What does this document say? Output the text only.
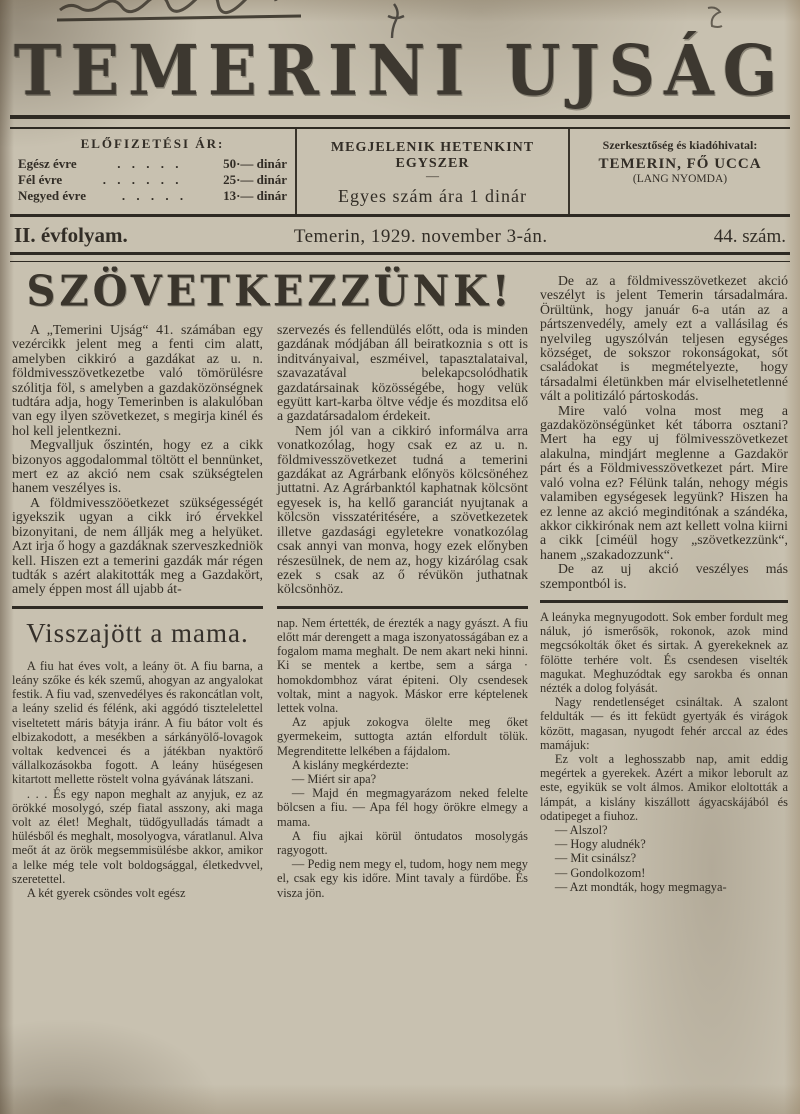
TEMERINI UJSÁG
ELŐFIZETÉSI ÁR:
Egész évre	. . . . .	50·— dinár
Fél évre	. . . . . .	25·— dinár
Negyed évre	. . . . .	13·— dinár
MEGJELENIK HETENKINT EGYSZER
—
Egyes szám ára 1 dinár
Szerkesztőség és kiadóhivatal:
TEMERIN, FŐ UCCA
(LANG NYOMDA)
II. évfolyam.	Temerin, 1929. november 3-án.	44. szám.
SZÖVETKEZZÜNK!

A „Temerini Ujság“ 41. számában egy vezércikk jelent meg a fenti cim alatt, amelyben cikkiró a gazdákat az u. n. földmivesszövetkezetbe való tömörülésre szólitja föl, s amelyben a gazdaközönségnek tudtára adja, hogy Temerinben is alakulóban van egy ilyen szövetkezet, s megirja kinél és hol kell jelentkezni.

Megvalljuk őszintén, hogy ez a cikk bizonyos aggodalommal töltött el bennünket, mert ez az akció nem csak szükségtelen hanem veszélyes is.

A földmivesszööetkezet szükségességét igyekszik ugyan a cikk iró érvekkel bizonyitani, de nem állják meg a helyüket. Azt irja ő hogy a gazdáknak szerveszkedniök kell. Hiszen ezt a temerini gazdák már régen tudták s azért alakitották meg a Gazdakört, amely éppen most áll ujabb át-

Visszajött a mama.

A fiu hat éves volt, a leány öt. A fiu barna, a leány szőke és kék szemű, ahogyan az angyalokat festik. A fiu vad, szenvedélyes és rakoncátlan volt, a leány szelid és félénk, aki aggódó tisztelelettel viseltetett máris bátyja iránr. A fiu bátor volt és elbizakodott, a mesékben a sárkányölő-lovagok voltak kedvencei és a játékban nyaktörő vállalkozásokba fogott. A leány hüségesen kitartott mellette röstelt volna gyávának látszani.

. . . És egy napon meghalt az anyjuk, ez az örökké mosolygó, szép fiatal asszony, aki maga volt az élet! Meghalt, tüdőgyulladás támadt a hülésből és meghalt, mosolyogva, váratlanul. Alva meőt át az örök megsemmisülésbe akkor, amikor a lelke még tele volt boldogsággal, életkedvvel, szeretettel.

A két gyerek csöndes volt egész

szervezés és fellendülés előtt, oda is minden gazdának módjában áll beiratkoznia s ott is inditványaival, eszméivel, tapasztalataival, szavazatával belekapcsolódhatik gazdatársainak közösségébe, hogy velük együtt kart-karba öltve védje és mozditsa elő a gazdatársadalom érdekeit.

Nem jól van a cikkiró informálva arra vonatkozólag, hogy csak ez az u. n. földmivesszövetkezet tudná a temerini gazdákat az Agrárbank előnyös kölcsönéhez juttatni. Az Agrárbanktól kaphatnak kölcsönt egyesek is, ha kellő garanciát nyujtanak a kölcsön visszatéritésére, a szövetkezetek illetve gazdasági egyletekre vonatkozólag csak annyi van monva, hogy ezek előnyben részesülnek, de nem az, hogy kizárólag csak ezek s csak az ő révükön juthatnak kölcsönhöz.

nap. Nem értették, de érezték a nagy gyászt. A fiu előtt már derengett a maga iszonyatosságában ez a fogalom mama meghalt. De nem akart neki hinni. Ki se mentek a kertbe, sem a sárga · homokdombhoz várat épiteni. Oly csendesek voltak, mint a nagyok. Máskor erre képtelenek lettek volna.

Az apjuk zokogva ölelte meg őket gyermekeim, suttogta aztán elfordult tölük. Megrenditette lelkében a fájdalom.

A kislány megkérdezte:

— Miért sir apa?

— Majd én megmagyarázom neked felelte bölcsen a fiu. — Apa fél hogy örökre elmegy a mama.

A fiu ajkai körül öntudatos mosolygás ragyogott.

— Pedig nem megy el, tudom, hogy nem megy el, csak egy kis időre. Mint tavaly a fürdőbe. És visza jön.

De az a földmivesszövetkezet akció veszélyt is jelent Temerin társadalmára. Örültünk, hogy január 6-a után az a pártszenvedély, amely ezt a vallásilag és nyelvileg ugyszólván teljesen egységes községet, de sokszor rokonságokat, sőt családokat is megmételyezte, hogy társadalmi életünkben már elviselhetetlenné vált a politizáló pártoskodás.

Mire való volna most meg a gazdaközönségünket két táborra osztani? Mert ha egy uj fölmivesszövetkezet alakulna, mindjárt meglenne a Gazdakör párt és a Földmivesszövetkezet párt. Mire való volna ez? Félünk talán, nehogy mégis valamiben egységesek legyünk? Hiszen ha ez lenne az akció meginditónak a szándéka, akkor cikkirónak nem azt kellett volna kiirni a cikk [ciméül hogy „szövetkezzünk“, hanem „szakadozzunk“.

De az uj akció veszélyes más szempontból is.

A leányka megnyugodott. Sok ember fordult meg náluk, jó ismerősök, rokonok, azok mind megcsókolták őket és sirtak. A gyerekeknek az fölötte terhére volt. És csendesen viselték magukat. Meghuzódtak egy sarokba és onnan nézték a dolog folyását.

Nagy rendetlenséget csináltak. A szalont feldulták — és itt feküdt gyertyák és virágok között, magasan, nyugodt fehér arccal az édes mamájuk:

Ez volt a leghosszabb nap, amit eddig megértek a gyerekek. Azért a mikor leborult az este, egyikük se volt álmos. Amikor eloltották a lámpát, a kislány kiszállott ágyacskájából és odatipeget a fiuhoz.

— Alszol?

— Hogy aludnék?

— Mit csinálsz?

— Gondolkozom!

— Azt mondták, hogy megmagya-
